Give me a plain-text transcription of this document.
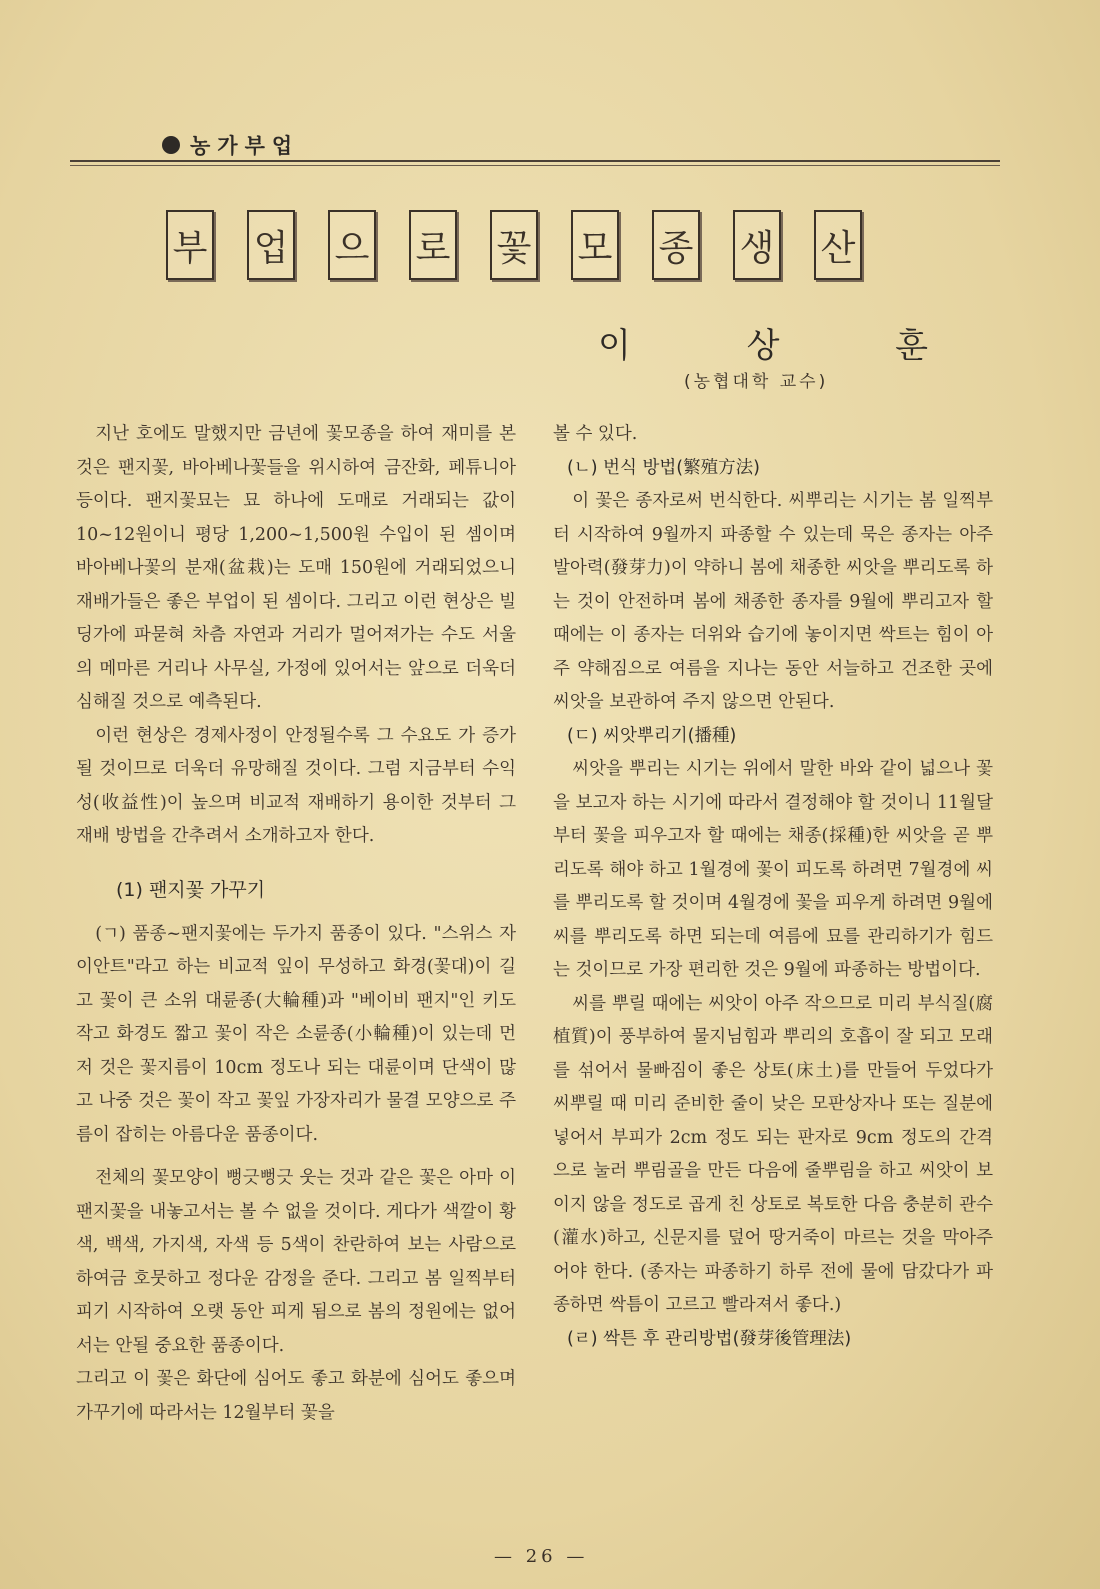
농가부업
부 업 으 로 꽃 모 종 생 산
이	상	훈
(농협대학 교수)

지난 호에도 말했지만 금년에 꽃모종을 하여 재미를 본 것은 팬지꽃, 바아베나꽃들을 위시하여 금잔화, 페튜니아 등이다. 팬지꽃묘는 묘 하나에 도매로 거래되는 값이 10~12원이니 평당 1,200~1,500원 수입이 된 셈이며 바아베나꽃의 분재(盆栽)는 도매 150원에 거래되었으니 재배가들은 좋은 부업이 된 셈이다. 그리고 이런 현상은 빌딩가에 파묻혀 차츰 자연과 거리가 멀어져가는 수도 서울의 메마른 거리나 사무실, 가정에 있어서는 앞으로 더욱더 심해질 것으로 예측된다.

이런 현상은 경제사정이 안정될수록 그 수요도 가 증가될 것이므로 더욱더 유망해질 것이다. 그럼 지금부터 수익성(收益性)이 높으며 비교적 재배하기 용이한 것부터 그 재배 방법을 간추려서 소개하고자 한다.

(1) 팬지꽃 가꾸기

(ㄱ) 품종~팬지꽃에는 두가지 품종이 있다. "스위스 자이안트"라고 하는 비교적 잎이 무성하고 화경(꽃대)이 길고 꽃이 큰 소위 대륜종(大輪種)과 "베이비 팬지"인 키도 작고 화경도 짧고 꽃이 작은 소륜종(小輪種)이 있는데 먼저 것은 꽃지름이 10cm 정도나 되는 대륜이며 단색이 많고 나중 것은 꽃이 작고 꽃잎 가장자리가 물결 모양으로 주름이 잡히는 아름다운 품종이다.

전체의 꽃모양이 뻥긋뻥긋 웃는 것과 같은 꽃은 아마 이 팬지꽃을 내놓고서는 볼 수 없을 것이다. 게다가 색깔이 황색, 백색, 가지색, 자색 등 5색이 찬란하여 보는 사람으로 하여금 호뭇하고 정다운 감정을 준다. 그리고 봄 일찍부터 피기 시작하여 오랫 동안 피게 됨으로 봄의 정원에는 없어서는 안될 중요한 품종이다.

그리고 이 꽃은 화단에 심어도 좋고 화분에 심어도 좋으며 가꾸기에 따라서는 12월부터 꽃을

볼 수 있다.

(ㄴ) 번식 방법(繁殖方法)

이 꽃은 종자로써 번식한다. 씨뿌리는 시기는 봄 일찍부터 시작하여 9월까지 파종할 수 있는데 묵은 종자는 아주 발아력(發芽力)이 약하니 봄에 채종한 씨앗을 뿌리도록 하는 것이 안전하며 봄에 채종한 종자를 9월에 뿌리고자 할 때에는 이 종자는 더위와 습기에 놓이지면 싹트는 힘이 아주 약해짐으로 여름을 지나는 동안 서늘하고 건조한 곳에 씨앗을 보관하여 주지 않으면 안된다.

(ㄷ) 씨앗뿌리기(播種)

씨앗을 뿌리는 시기는 위에서 말한 바와 같이 넓으나 꽃을 보고자 하는 시기에 따라서 결정해야 할 것이니 11월달부터 꽃을 피우고자 할 때에는 채종(採種)한 씨앗을 곧 뿌리도록 해야 하고 1월경에 꽃이 피도록 하려면 7월경에 씨를 뿌리도록 할 것이며 4월경에 꽃을 피우게 하려면 9월에 씨를 뿌리도록 하면 되는데 여름에 묘를 관리하기가 힘드는 것이므로 가장 편리한 것은 9월에 파종하는 방법이다.

씨를 뿌릴 때에는 씨앗이 아주 작으므로 미리 부식질(腐植質)이 풍부하여 물지님힘과 뿌리의 호흡이 잘 되고 모래를 섞어서 물빠짐이 좋은 상토(床土)를 만들어 두었다가 씨뿌릴 때 미리 준비한 줄이 낮은 모판상자나 또는 질분에 넣어서 부피가 2cm 정도 되는 판자로 9cm 정도의 간격으로 눌러 뿌림골을 만든 다음에 줄뿌림을 하고 씨앗이 보이지 않을 정도로 곱게 친 상토로 복토한 다음 충분히 관수(灌水)하고, 신문지를 덮어 땅거죽이 마르는 것을 막아주어야 한다. (종자는 파종하기 하루 전에 물에 담갔다가 파종하면 싹틈이 고르고 빨라져서 좋다.)

(ㄹ) 싹튼 후 관리방법(發芽後管理法)

— 26 —
